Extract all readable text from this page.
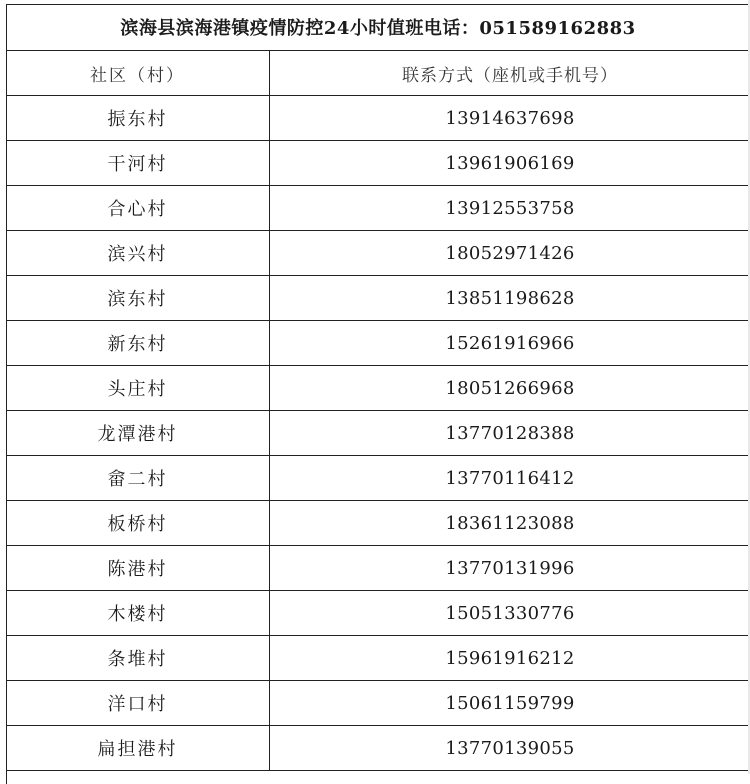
滨海县滨海港镇疫情防控24小时值班电话：051589162883
社区（村）	联系方式（座机或手机号）
振东村	13914637698
干河村	13961906169
合心村	13912553758
滨兴村	18052971426
滨东村	13851198628
新东村	15261916966
头庄村	18051266968
龙潭港村	13770128388
畲二村	13770116412
板桥村	18361123088
陈港村	13770131996
木楼村	15051330776
条堆村	15961916212
洋口村	15061159799
扁担港村	13770139055
